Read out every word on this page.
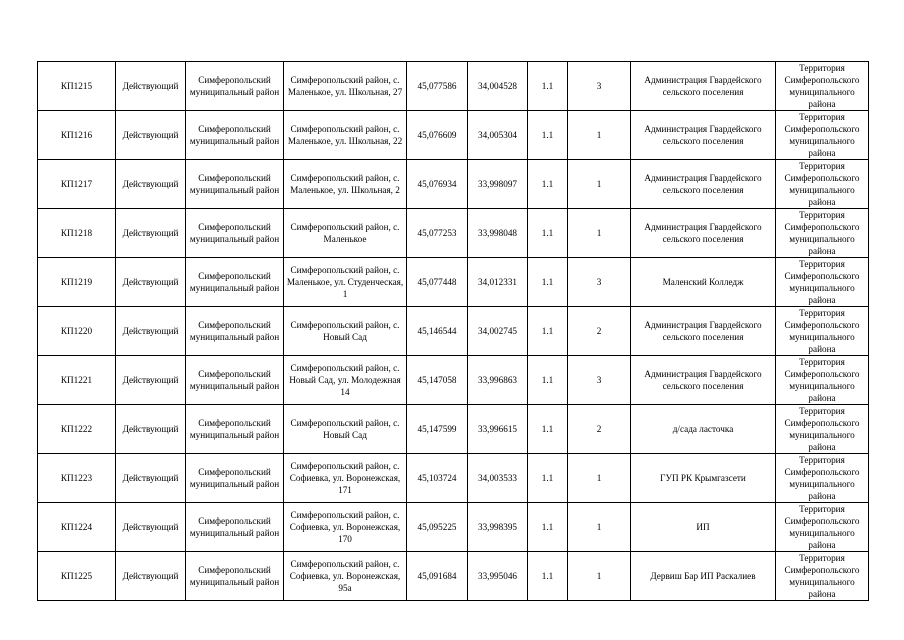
КП1215	Действующий	Симферопольский муниципальный район	Симферопольский район, с. Маленькое, ул. Школьная, 27	45,077586	34,004528	1.1	3	Администрация Гвардейского сельского поселения	Территория Симферопольского муниципального района
КП1216	Действующий	Симферопольский муниципальный район	Симферопольский район, с. Маленькое, ул. Школьная, 22	45,076609	34,005304	1.1	1	Администрация Гвардейского сельского поселения	Территория Симферопольского муниципального района
КП1217	Действующий	Симферопольский муниципальный район	Симферопольский район, с. Маленькое, ул. Школьная, 2	45,076934	33,998097	1.1	1	Администрация Гвардейского сельского поселения	Территория Симферопольского муниципального района
КП1218	Действующий	Симферопольский муниципальный район	Симферопольский район, с. Маленькое	45,077253	33,998048	1.1	1	Администрация Гвардейского сельского поселения	Территория Симферопольского муниципального района
КП1219	Действующий	Симферопольский муниципальный район	Симферопольский район, с. Маленькое, ул. Студенческая, 1	45,077448	34,012331	1.1	3	Маленский Колледж	Территория Симферопольского муниципального района
КП1220	Действующий	Симферопольский муниципальный район	Симферопольский район, с. Новый Сад	45,146544	34,002745	1.1	2	Администрация Гвардейского сельского поселения	Территория Симферопольского муниципального района
КП1221	Действующий	Симферопольский муниципальный район	Симферопольский район, с. Новый Сад, ул. Молодежная 14	45,147058	33,996863	1.1	3	Администрация Гвардейского сельского поселения	Территория Симферопольского муниципального района
КП1222	Действующий	Симферопольский муниципальный район	Симферопольский район, с. Новый Сад	45,147599	33,996615	1.1	2	д/сада ласточка	Территория Симферопольского муниципального района
КП1223	Действующий	Симферопольский муниципальный район	Симферопольский район, с. Софиевка, ул. Воронежская, 171	45,103724	34,003533	1.1	1	ГУП РК Крымгазсети	Территория Симферопольского муниципального района
КП1224	Действующий	Симферопольский муниципальный район	Симферопольский район, с. Софиевка, ул. Воронежская, 170	45,095225	33,998395	1.1	1	ИП	Территория Симферопольского муниципального района
КП1225	Действующий	Симферопольский муниципальный район	Симферопольский район, с. Софиевка, ул. Воронежская, 95а	45,091684	33,995046	1.1	1	Дервиш Бар ИП Раскалиев	Территория Симферопольского муниципального района
